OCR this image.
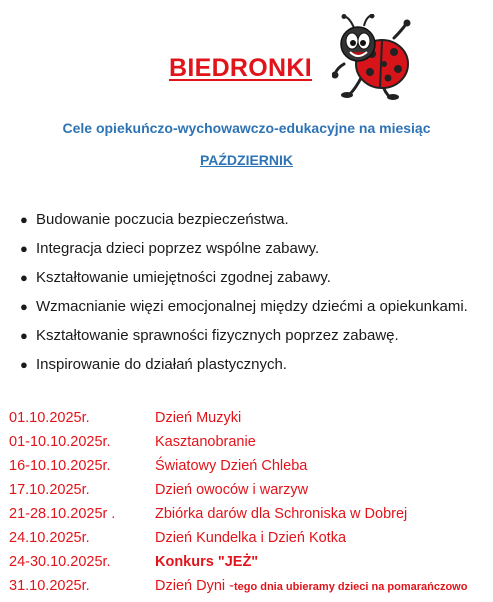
BIEDRONKI
Cele opiekuńczo-wychowawczo-edukacyjne na miesiąc
PAŹDZIERNIK
● Budowanie poczucia bezpieczeństwa.
● Integracja dzieci poprzez wspólne zabawy.
● Kształtowanie umiejętności zgodnej zabawy.
● Wzmacnianie więzi emocjonalnej między dziećmi a opiekunkami.
● Kształtowanie sprawności fizycznych poprzez zabawę.
● Inspirowanie do działań plastycznych.
01.10.2025r.	Dzień Muzyki
01-10.10.2025r.	Kasztanobranie
16-10.10.2025r.	Światowy Dzień Chleba
17.10.2025r.	Dzień owoców i warzyw
21-28.10.2025r .	Zbiórka darów dla Schroniska w Dobrej
24.10.2025r.	Dzień Kundelka i Dzień Kotka
24-30.10.2025r.	Konkurs "JEŻ"
31.10.2025r.	Dzień Dyni -tego dnia ubieramy dzieci na pomarańczowo
